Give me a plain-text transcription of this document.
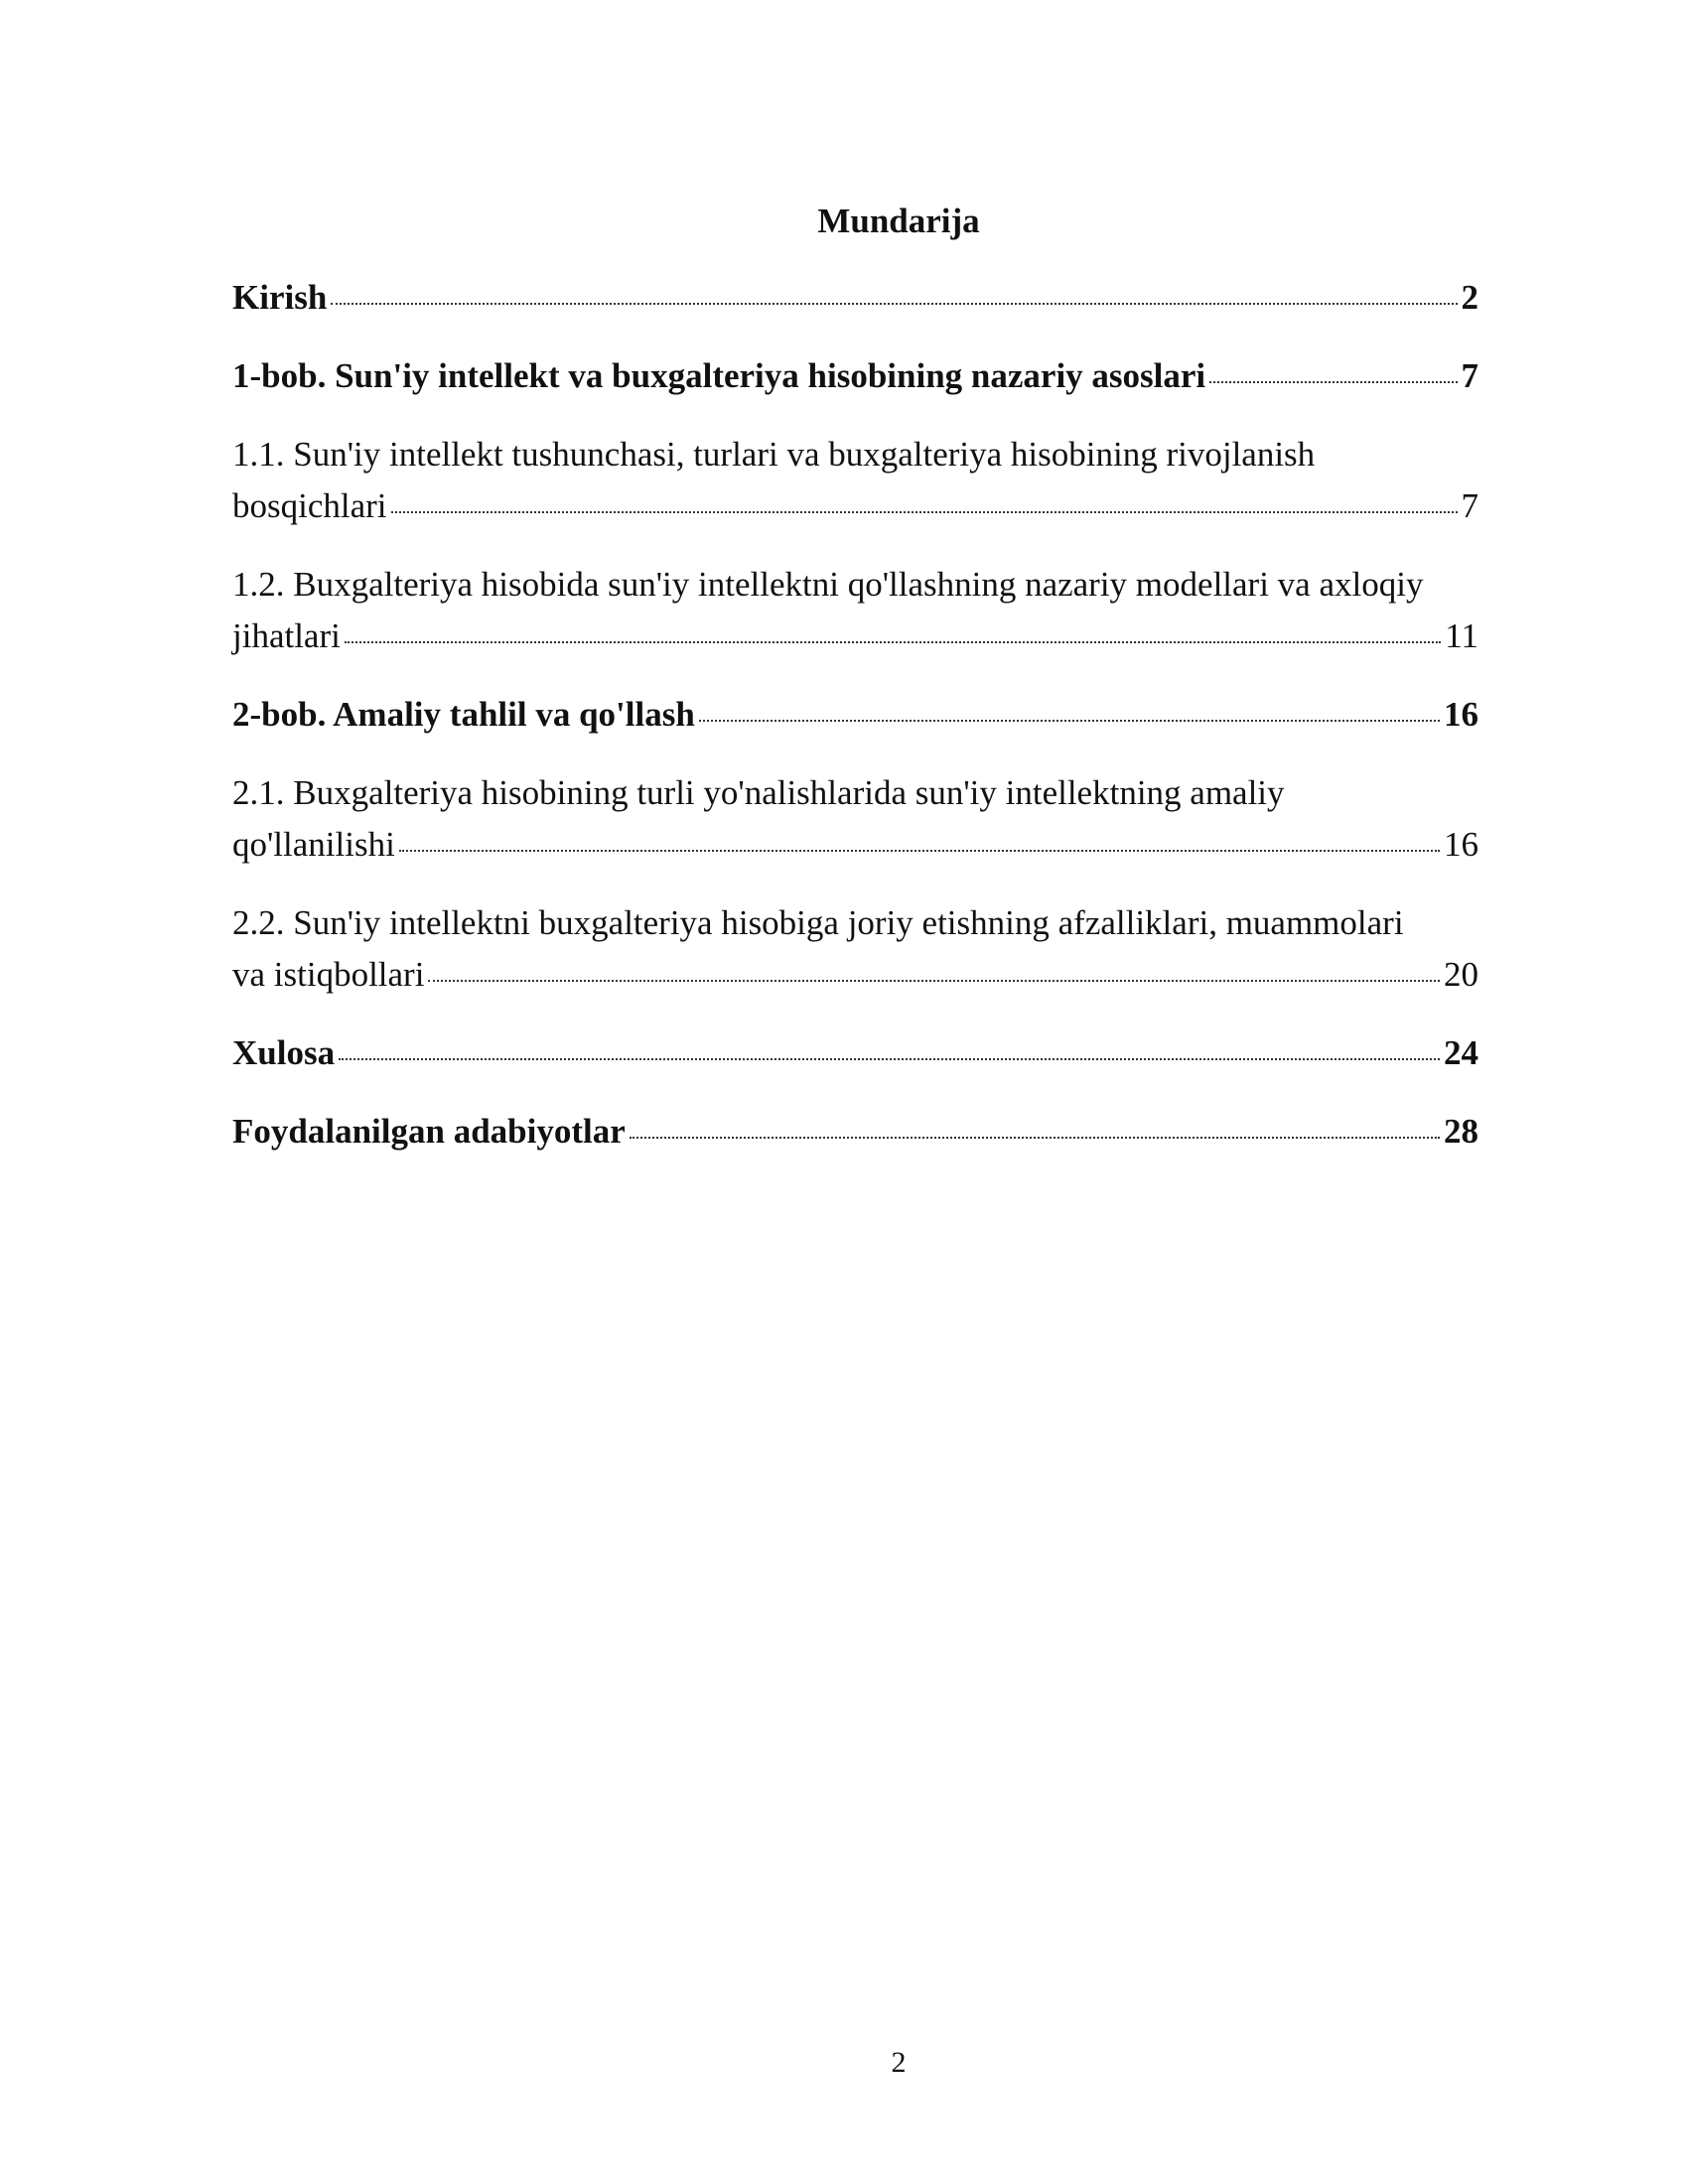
Mundarija
Kirish	2
1-bob. Sun'iy intellekt va buxgalteriya hisobining nazariy asoslari	7
1.1. Sun'iy intellekt tushunchasi, turlari va buxgalteriya hisobining rivojlanish
bosqichlari	7
1.2. Buxgalteriya hisobida sun'iy intellektni qo'llashning nazariy modellari va axloqiy
jihatlari	11
2-bob. Amaliy tahlil va qo'llash	16
2.1. Buxgalteriya hisobining turli yo'nalishlarida sun'iy intellektning amaliy
qo'llanilishi	16
2.2. Sun'iy intellektni buxgalteriya hisobiga joriy etishning afzalliklari, muammolari
va istiqbollari	20
Xulosa	24
Foydalanilgan adabiyotlar	28
2
